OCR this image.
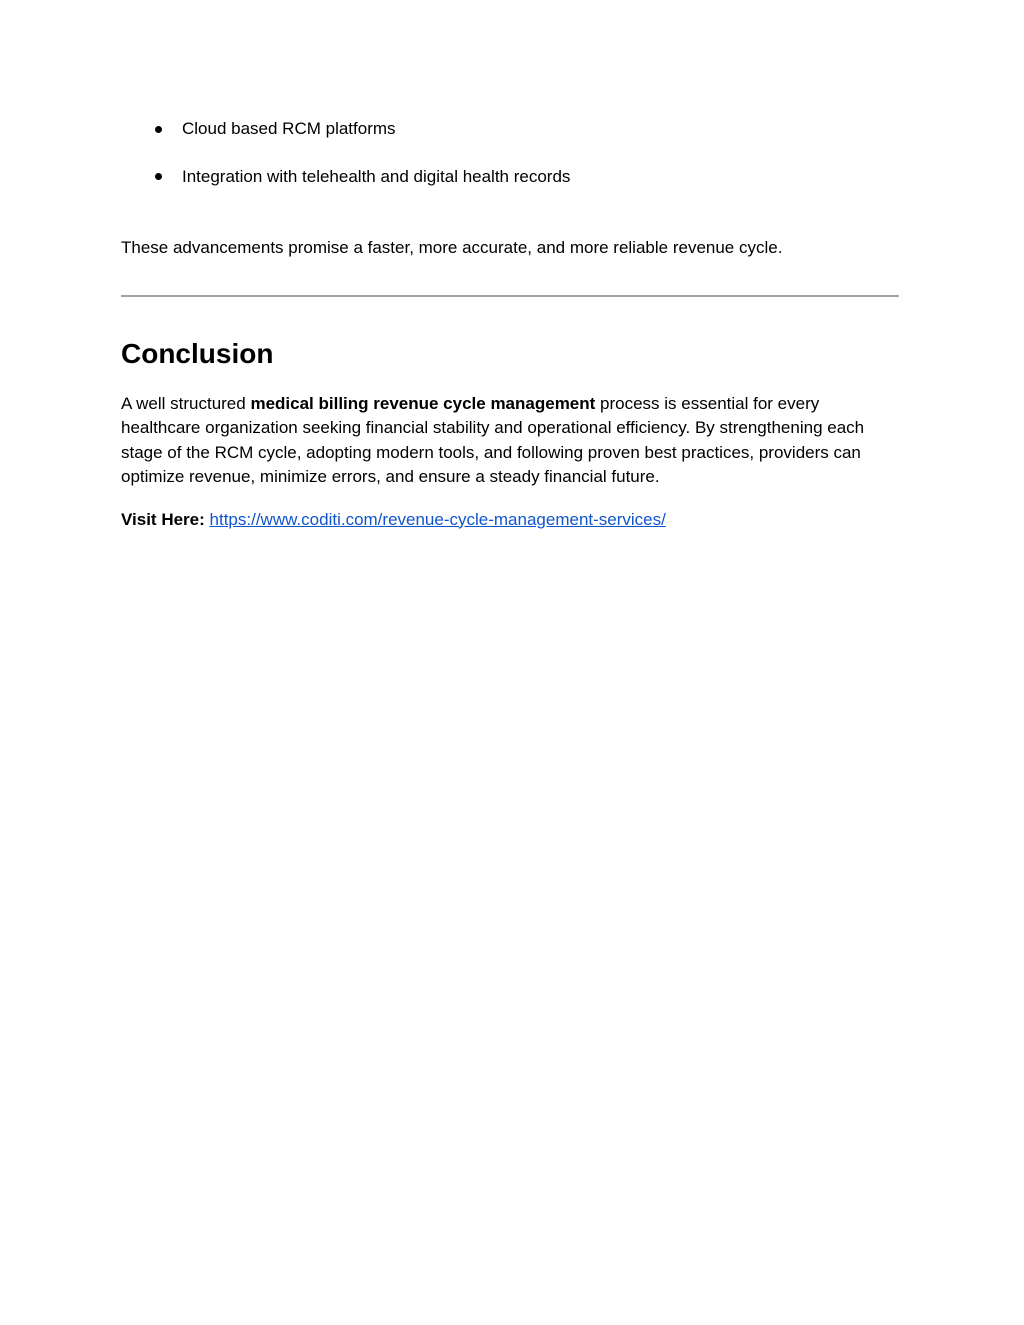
Cloud based RCM platforms
Integration with telehealth and digital health records

These advancements promise a faster, more accurate, and more reliable revenue cycle.

Conclusion

A well structured medical billing revenue cycle management process is essential for every healthcare organization seeking financial stability and operational efficiency. By strengthening each stage of the RCM cycle, adopting modern tools, and following proven best practices, providers can optimize revenue, minimize errors, and ensure a steady financial future.

Visit Here: https://www.coditi.com/revenue-cycle-management-services/
